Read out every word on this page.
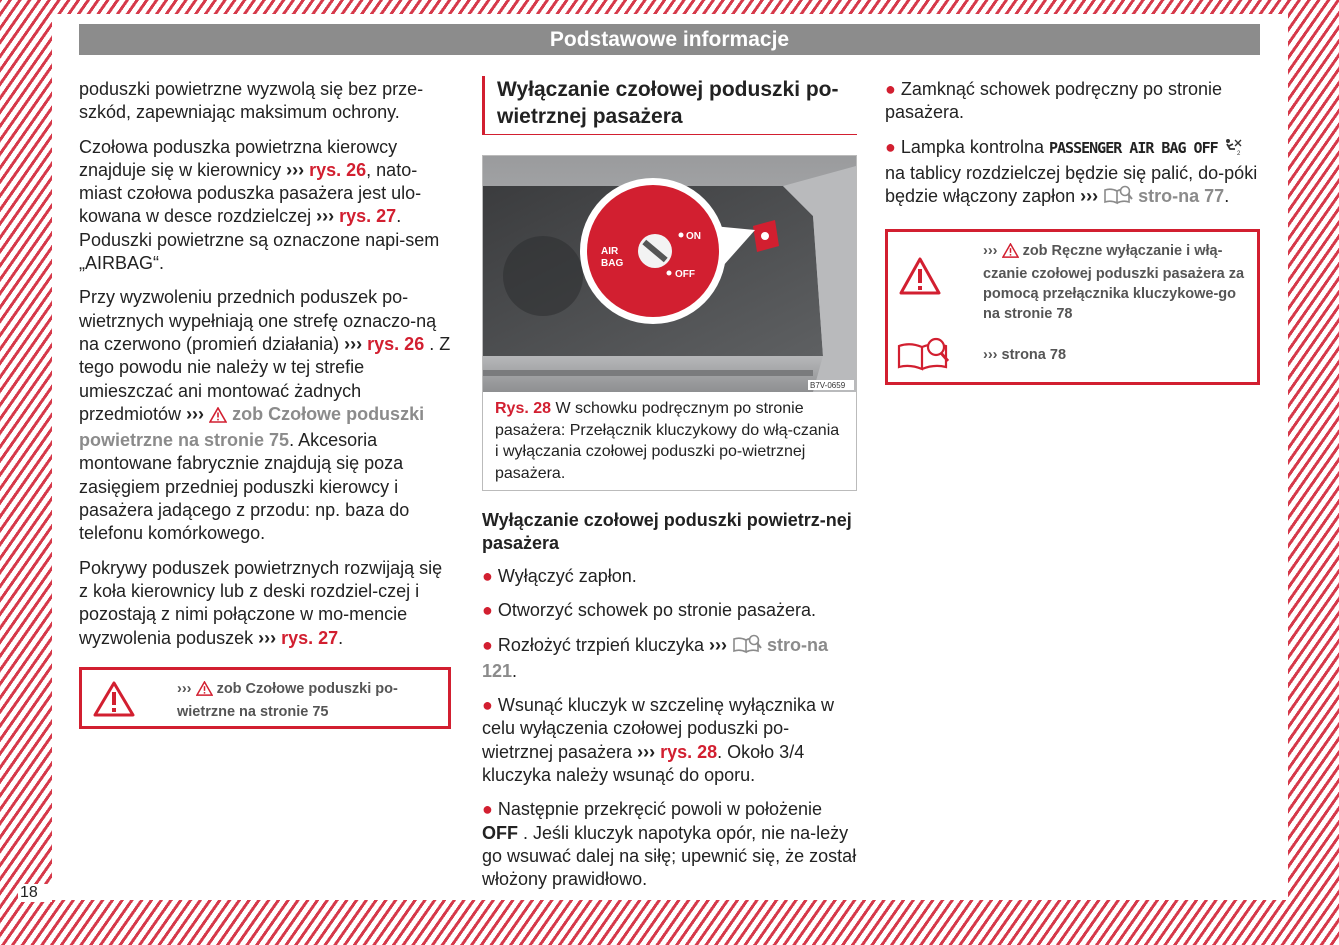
Podstawowe informacje

poduszki powietrzne wyzwolą się bez prze-szkód, zapewniając maksimum ochrony.

Czołowa poduszka powietrzna kierowcy znajduje się w kierownicy ››› rys. 26, nato-miast czołowa poduszka pasażera jest ulo-kowana w desce rozdzielczej ››› rys. 27. Poduszki powietrzne są oznaczone napi-sem „AIRBAG“.

Przy wyzwoleniu przednich poduszek po-wietrznych wypełniają one strefę oznaczo-ną na czerwono (promień działania) ››› rys. 26 . Z tego powodu nie należy w tej strefie umieszczać ani montować żadnych przedmiotów ››› zob Czołowe poduszki powietrzne na stronie 75. Akcesoria montowane fabrycznie znajdują się poza zasięgiem przedniej poduszki kierowcy i pasażera jadącego z przodu: np. baza do telefonu komórkowego.

Pokrywy poduszek powietrznych rozwijają się z koła kierownicy lub z deski rozdziel-czej i pozostają z nimi połączone w mo-mencie wyzwolenia poduszek ››› rys. 27.

››› zob Czołowe poduszki po-wietrzne na stronie 75
Wyłączanie czołowej poduszki po-wietrznej pasażera
AIR
BAG
ON
OFF
B7V-0659
Rys. 28 W schowku podręcznym po stronie pasażera: Przełącznik kluczykowy do włą-czania i wyłączania czołowej poduszki po-wietrznej pasażera.
Wyłączanie czołowej poduszki powietrz-nej pasażera

● Wyłączyć zapłon.

● Otworzyć schowek po stronie pasażera.

● Rozłożyć trzpień kluczyka ››› stro-na 121.

● Wsunąć kluczyk w szczelinę wyłącznika w celu wyłączenia czołowej poduszki po-wietrznej pasażera ››› rys. 28. Około 3/4 kluczyka należy wsunąć do oporu.

● Następnie przekręcić powoli w położenie OFF . Jeśli kluczyk napotyka opór, nie na-leży go wsuwać dalej na siłę; upewnić się, że został włożony prawidłowo.

● Zamknąć schowek podręczny po stronie pasażera.

● Lampka kontrolna PASSENGER AIR BAG OFF	2
na tablicy rozdzielczej będzie się palić, do-póki będzie włączony zapłon ››› stro-na 77.

››› zob Ręczne wyłączanie i włą-czanie czołowej poduszki pasażera za pomocą przełącznika kluczykowe-go na stronie 78
››› strona 78
18
